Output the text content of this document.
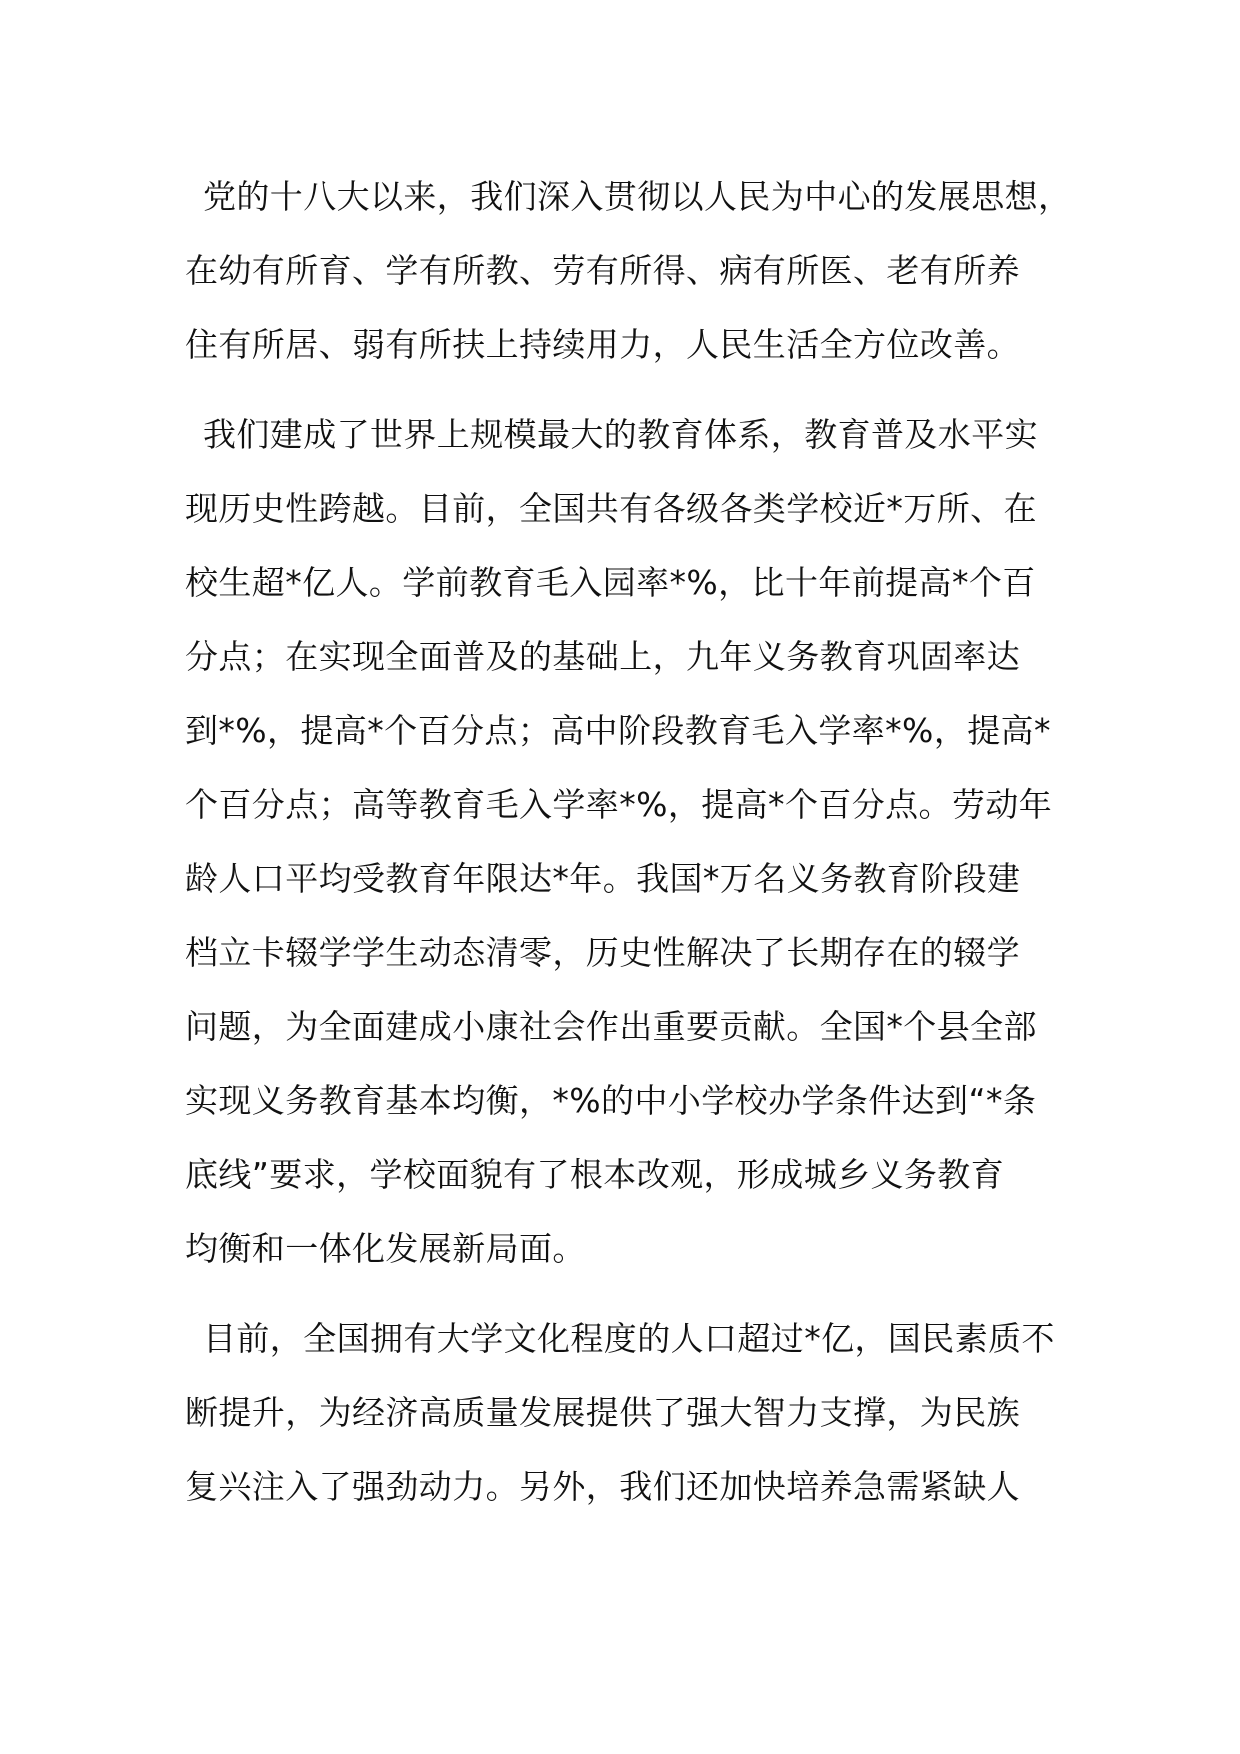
党的十八大以来，我们深入贯彻以人民为中心的发展思想，
在幼有所育、学有所教、劳有所得、病有所医、老有所养
住有所居、弱有所扶上持续用力，人民生活全方位改善。
我们建成了世界上规模最大的教育体系，教育普及水平实
现历史性跨越。目前，全国共有各级各类学校近*万所、在
校生超*亿人。学前教育毛入园率*%，比十年前提高*个百
分点；在实现全面普及的基础上，九年义务教育巩固率达
到*%，提高*个百分点；高中阶段教育毛入学率*%，提高*
个百分点；高等教育毛入学率*%，提高*个百分点。劳动年
龄人口平均受教育年限达*年。我国*万名义务教育阶段建
档立卡辍学学生动态清零，历史性解决了长期存在的辍学
问题，为全面建成小康社会作出重要贡献。全国*个县全部
实现义务教育基本均衡，*%的中小学校办学条件达到“*条
底线”要求，学校面貌有了根本改观，形成城乡义务教育
均衡和一体化发展新局面。
目前，全国拥有大学文化程度的人口超过*亿，国民素质不
断提升，为经济高质量发展提供了强大智力支撑，为民族
复兴注入了强劲动力。另外，我们还加快培养急需紧缺人
